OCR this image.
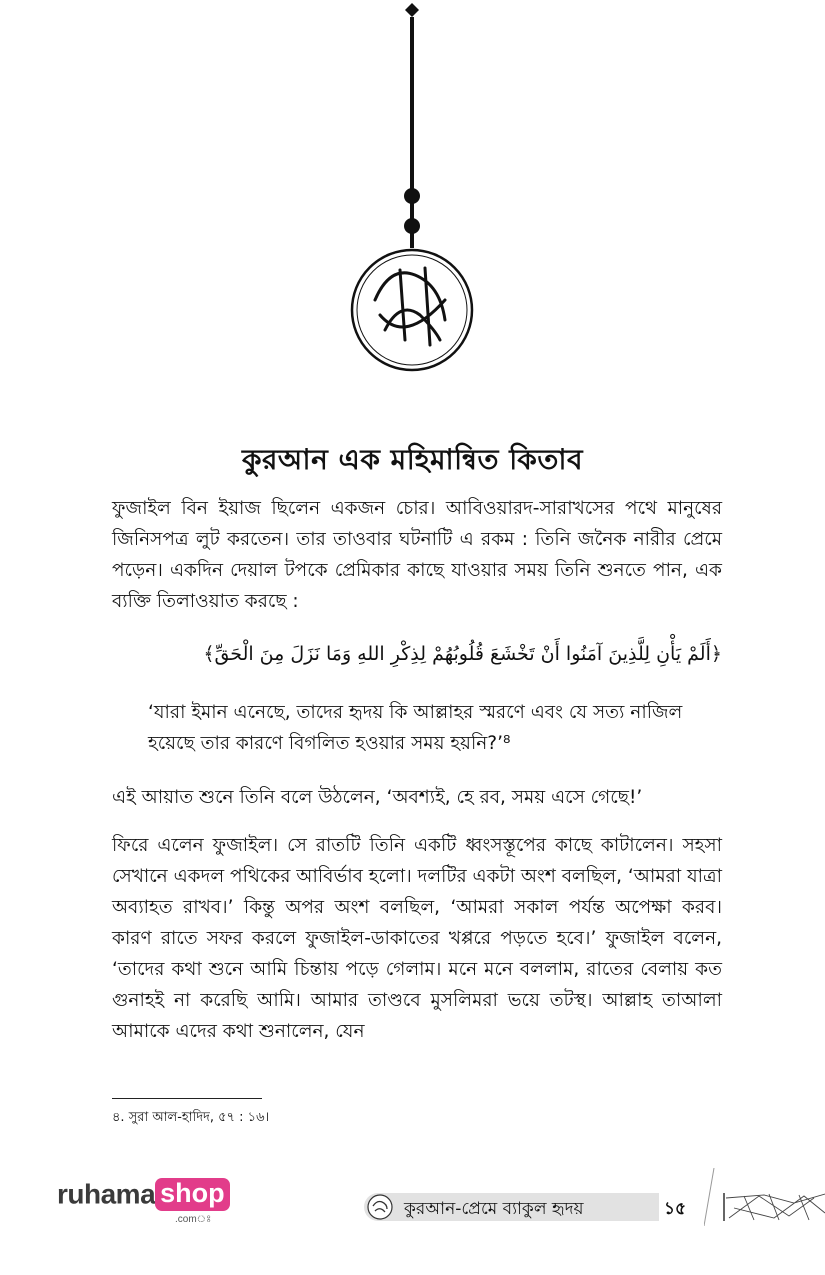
কুরআন এক মহিমান্বিত কিতাব

ফুজাইল বিন ইয়াজ ছিলেন একজন চোর। আবিওয়ারদ-সারাখসের পথে মানুষের জিনিসপত্র লুট করতেন। তার তাওবার ঘটনাটি এ রকম : তিনি জনৈক নারীর প্রেমে পড়েন। একদিন দেয়াল টপকে প্রেমিকার কাছে যাওয়ার সময় তিনি শুনতে পান, এক ব্যক্তি তিলাওয়াত করছে :

﴿أَلَمْ يَأْنِ لِلَّذِينَ آمَنُوا أَنْ تَخْشَعَ قُلُوبُهُمْ لِذِكْرِ اللهِ وَمَا نَزَلَ مِنَ الْحَقِّ﴾

‘যারা ইমান এনেছে, তাদের হৃদয় কি আল্লাহর স্মরণে এবং যে সত্য নাজিল হয়েছে তার কারণে বিগলিত হওয়ার সময় হয়নি?’⁸

এই আয়াত শুনে তিনি বলে উঠলেন, ‘অবশ্যই, হে রব, সময় এসে গেছে!’

ফিরে এলেন ফুজাইল। সে রাতটি তিনি একটি ধ্বংসস্তূপের কাছে কাটালেন। সহসা সেখানে একদল পথিকের আবির্ভাব হলো। দলটির একটা অংশ বলছিল, ‘আমরা যাত্রা অব্যাহত রাখব।’ কিন্তু অপর অংশ বলছিল, ‘আমরা সকাল পর্যন্ত অপেক্ষা করব। কারণ রাতে সফর করলে ফুজাইল-ডাকাতের খপ্পরে পড়তে হবে।’ ফুজাইল বলেন, ‘তাদের কথা শুনে আমি চিন্তায় পড়ে গেলাম। মনে মনে বললাম, রাতের বেলায় কত গুনাহই না করেছি আমি। আমার তাণ্ডবে মুসলিমরা ভয়ে তটস্থ। আল্লাহ তাআলা আমাকে এদের কথা শুনালেন, যেন

৪. সুরা আল-হাদিদ, ৫৭ : ১৬।
ruhama shop
.comঃ
কুরআন-প্রেমে ব্যাকুল হৃদয়	১৫
